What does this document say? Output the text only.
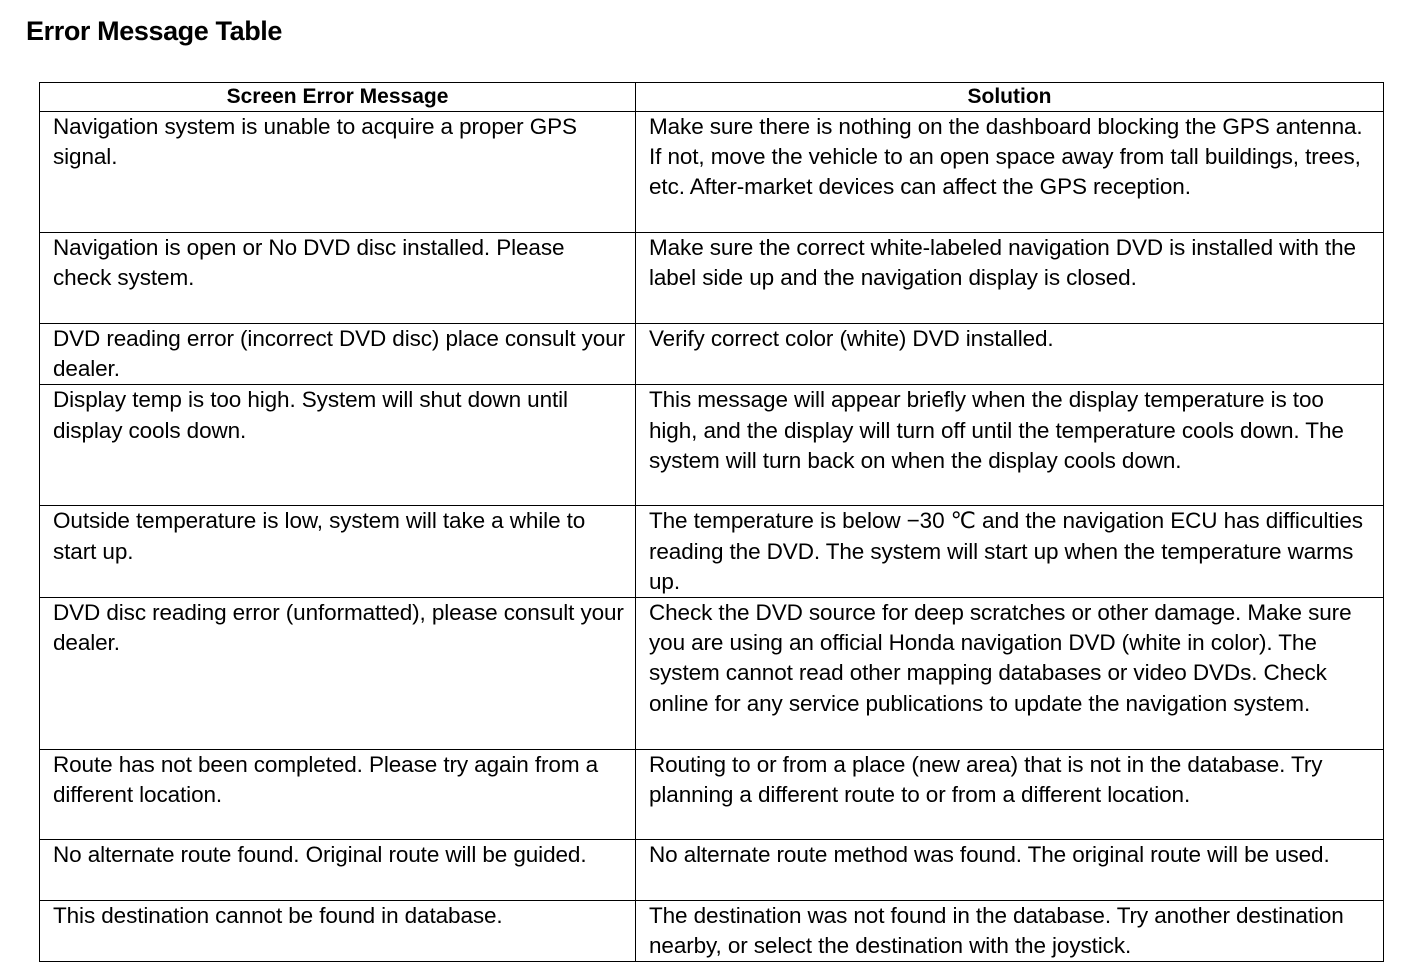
Error Message Table
Screen Error Message	Solution
Navigation system is unable to acquire a proper GPS signal.	Make sure there is nothing on the dashboard blocking the GPS antenna. If not, move the vehicle to an open space away from tall buildings, trees, etc. After-market devices can affect the GPS reception.
Navigation is open or No DVD disc installed. Please check system.	Make sure the correct white-labeled navigation DVD is installed with the label side up and the navigation display is closed.
DVD reading error (incorrect DVD disc) place consult your dealer.	Verify correct color (white) DVD installed.
Display temp is too high. System will shut down until display cools down.	This message will appear briefly when the display temperature is too high, and the display will turn off until the temperature cools down. The system will turn back on when the display cools down.
Outside temperature is low, system will take a while to start up.	The temperature is below −30 ℃ and the navigation ECU has difficulties reading the DVD. The system will start up when the temperature warms up.
DVD disc reading error (unformatted), please consult your dealer.	Check the DVD source for deep scratches or other damage. Make sure you are using an official Honda navigation DVD (white in color). The system cannot read other mapping databases or video DVDs. Check online for any service publications to update the navigation system.
Route has not been completed. Please try again from a different location.	Routing to or from a place (new area) that is not in the database. Try planning a different route to or from a different location.
No alternate route found. Original route will be guided.	No alternate route method was found. The original route will be used.
This destination cannot be found in database.	The destination was not found in the database. Try another destination nearby, or select the destination with the joystick.
